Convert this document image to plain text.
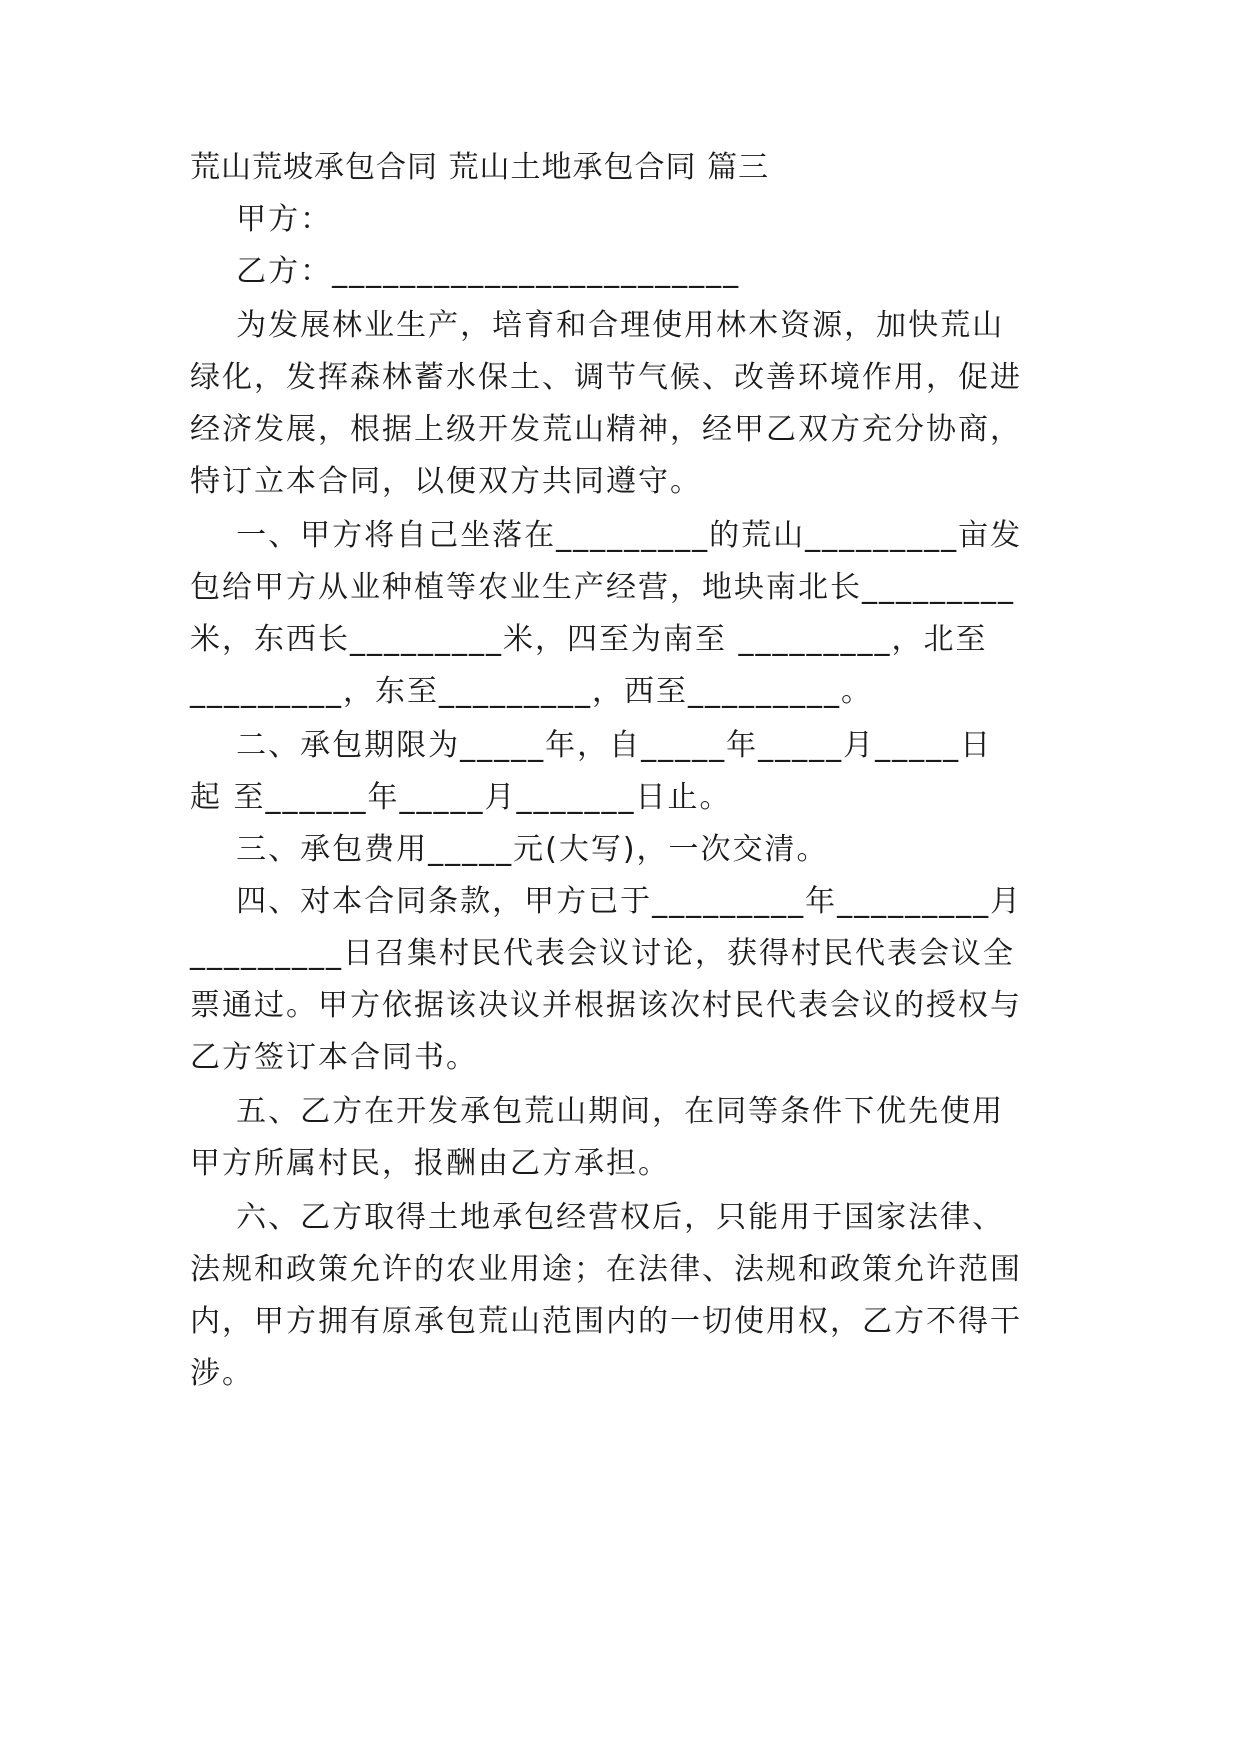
荒山荒坡承包合同 荒山土地承包合同 篇三
甲方：
乙方：________________________
为发展林业生产，培育和合理使用林木资源，加快荒山
绿化，发挥森林蓄水保土、调节气候、改善环境作用，促进
经济发展，根据上级开发荒山精神，经甲乙双方充分协商，
特订立本合同，以便双方共同遵守。
一、甲方将自己坐落在_________的荒山_________亩发
包给甲方从业种植等农业生产经营，地块南北长_________
米，东西长_________米，四至为南至 _________，北至
_________，东至_________，西至_________。
二、承包期限为_____年，自_____年_____月_____日
起 至______年_____月_______日止。
三、承包费用_____元(大写)，一次交清。
四、对本合同条款，甲方已于_________年_________月
_________日召集村民代表会议讨论，获得村民代表会议全
票通过。甲方依据该决议并根据该次村民代表会议的授权与
乙方签订本合同书。
五、乙方在开发承包荒山期间，在同等条件下优先使用
甲方所属村民，报酬由乙方承担。
六、乙方取得土地承包经营权后，只能用于国家法律、
法规和政策允许的农业用途；在法律、法规和政策允许范围
内，甲方拥有原承包荒山范围内的一切使用权，乙方不得干
涉。
